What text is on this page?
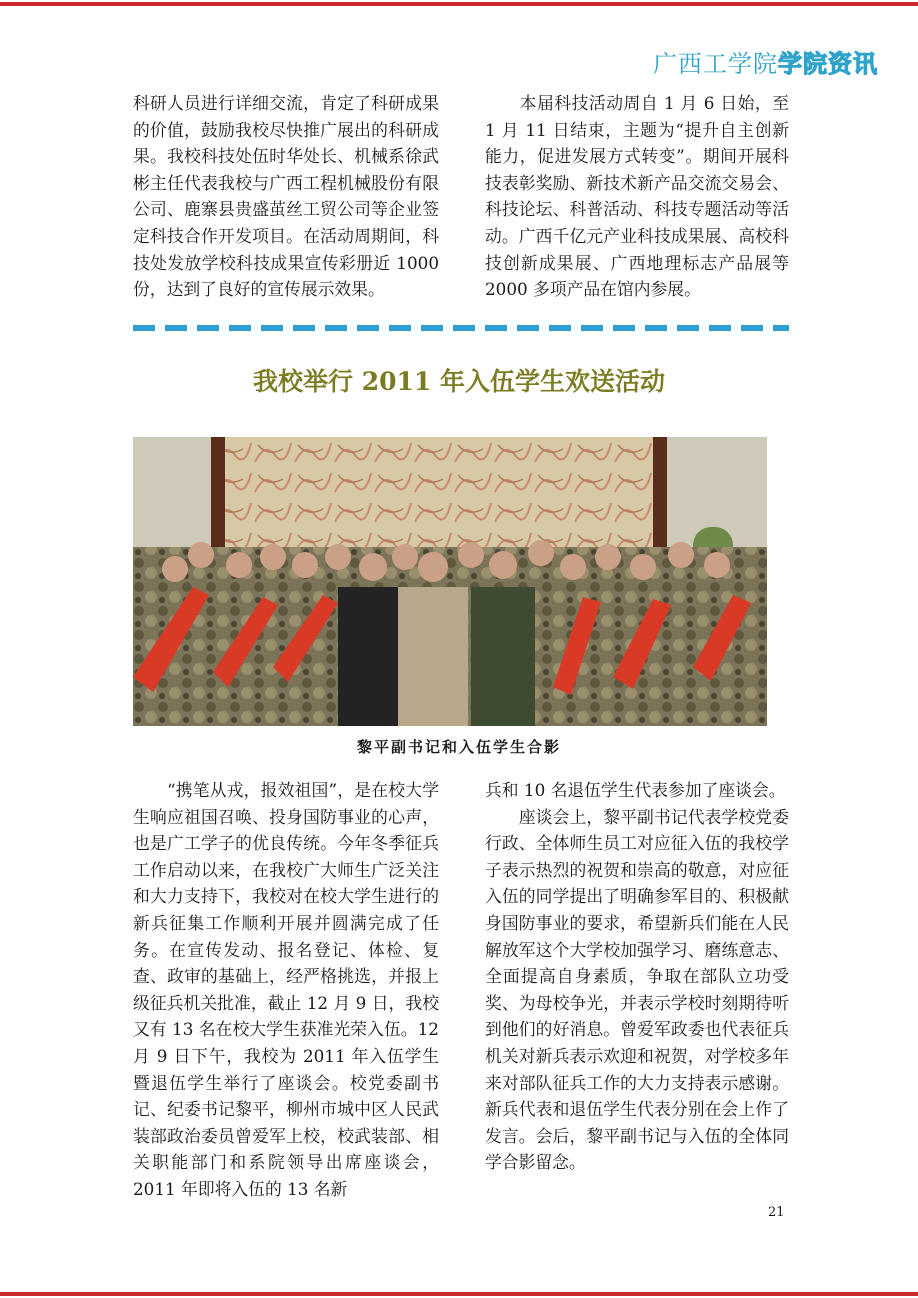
广西工学院学院资讯

科研人员进行详细交流，肯定了科研成果的价值，鼓励我校尽快推广展出的科研成果。我校科技处伍时华处长、机械系徐武彬主任代表我校与广西工程机械股份有限公司、鹿寨县贵盛茧丝工贸公司等企业签定科技合作开发项目。在活动周期间，科技处发放学校科技成果宣传彩册近 1000 份，达到了良好的宣传展示效果。

　　本届科技活动周自 1 月 6 日始，至 1 月 11 日结束，主题为“提升自主创新能力，促进发展方式转变”。期间开展科技表彰奖励、新技术新产品交流交易会、科技论坛、科普活动、科技专题活动等活动。广西千亿元产业科技成果展、高校科技创新成果展、广西地理标志产品展等 2000 多项产品在馆内参展。

我校举行 2011 年入伍学生欢送活动
黎平副书记和入伍学生合影

　　“携笔从戎，报效祖国”，是在校大学生响应祖国召唤、投身国防事业的心声，也是广工学子的优良传统。今年冬季征兵工作启动以来，在我校广大师生广泛关注和大力支持下，我校对在校大学生进行的新兵征集工作顺利开展并圆满完成了任务。在宣传发动、报名登记、体检、复查、政审的基础上，经严格挑选，并报上级征兵机关批准，截止 12 月 9 日，我校又有 13 名在校大学生获准光荣入伍。12 月 9 日下午，我校为 2011 年入伍学生暨退伍学生举行了座谈会。校党委副书记、纪委书记黎平，柳州市城中区人民武装部政治委员曾爱军上校，校武装部、相关职能部门和系院领导出席座谈会，2011 年即将入伍的 13 名新

兵和 10 名退伍学生代表参加了座谈会。
　　座谈会上，黎平副书记代表学校党委行政、全体师生员工对应征入伍的我校学子表示热烈的祝贺和崇高的敬意，对应征入伍的同学提出了明确参军目的、积极献身国防事业的要求，希望新兵们能在人民解放军这个大学校加强学习、磨练意志、全面提高自身素质，争取在部队立功受奖、为母校争光，并表示学校时刻期待听到他们的好消息。曾爱军政委也代表征兵机关对新兵表示欢迎和祝贺，对学校多年来对部队征兵工作的大力支持表示感谢。新兵代表和退伍学生代表分别在会上作了发言。会后，黎平副书记与入伍的全体同学合影留念。

21
